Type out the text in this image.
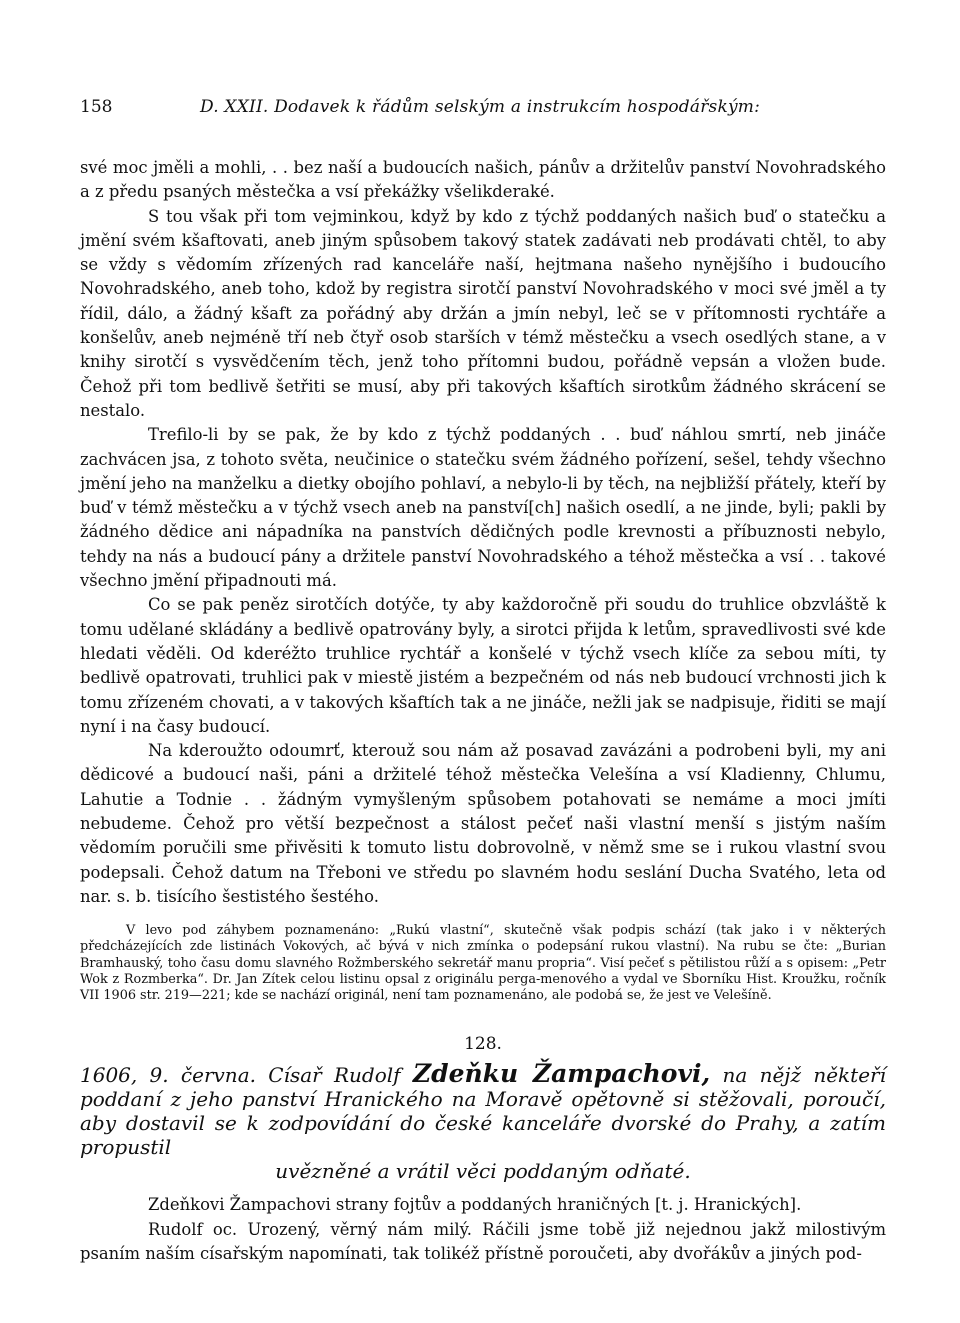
158	D. XXII. Dodavek k řádům selským a instrukcím hospodářským:

své moc jměli a mohli, . . bez naší a budoucích našich, pánův a držitelův panství Novohradského a z předu psaných městečka a vsí překážky všelikderaké.

S tou však při tom vejminkou, když by kdo z týchž poddaných našich buď o statečku a jmění svém kšaftovati, aneb jiným spůsobem takový statek zadávati neb prodávati chtěl, to aby se vždy s vědomím zřízených rad kanceláře naší, hejtmana našeho nynějšího i budoucího Novohradského, aneb toho, kdož by registra sirotčí panství Novohradského v moci své jměl a ty řídil, dálo, a žádný kšaft za pořádný aby držán a jmín nebyl, leč se v přítomnosti rychtáře a konšelův, aneb nejméně tří neb čtyř osob starších v témž městečku a vsech osedlých stane, a v knihy sirotčí s vysvědčením těch, jenž toho přítomni budou, pořádně vepsán a vložen bude. Čehož při tom bedlivě šetřiti se musí, aby při takových kšaftích sirotkům žádného skrácení se nestalo.

Trefilo-li by se pak, že by kdo z týchž poddaných . . buď náhlou smrtí, neb jináče zachvácen jsa, z tohoto světa, neučinice o statečku svém žádného pořízení, sešel, tehdy všechno jmění jeho na manželku a dietky obojího pohlaví, a nebylo-li by těch, na nejbližší přátely, kteří by buď v témž městečku a v týchž vsech aneb na panství[ch] našich osedlí, a ne jinde, byli; pakli by žádného dědice ani nápadníka na panstvích dědičných podle krevnosti a příbuznosti nebylo, tehdy na nás a budoucí pány a držitele panství Novohradského a téhož městečka a vsí . . takové všechno jmění připadnouti má.

Co se pak peněz sirotčích dotýče, ty aby každoročně při soudu do truhlice obzvláště k tomu udělané skládány a bedlivě opatrovány byly, a sirotci přijda k letům, spravedlivosti své kde hledati věděli. Od kderéžto truhlice rychtář a konšelé v týchž vsech klíče za sebou míti, ty bedlivě opatrovati, truhlici pak v miestě jistém a bezpečném od nás neb budoucí vrchnosti jich k tomu zřízeném chovati, a v takových kšaftích tak a ne jináče, nežli jak se nadpisuje, řiditi se mají nyní i na časy budoucí.

Na kderoužto odoumrť, kterouž sou nám až posavad zavázáni a podrobeni byli, my ani dědicové a budoucí naši, páni a držitelé téhož městečka Velešína a vsí Kladienny, Chlumu, Lahutie a Todnie . . žádným vymyšleným spůsobem potahovati se nemáme a moci jmíti nebudeme. Čehož pro větší bezpečnost a stálost pečeť naši vlastní menší s jistým naším vědomím poručili sme přivěsiti k tomuto listu dobrovolně, v němž sme se i rukou vlastní svou podepsali. Čehož datum na Třeboni ve středu po slavném hodu seslání Ducha Svatého, leta od nar. s. b. tisícího šestistého šestého.

V levo pod záhybem poznamenáno: „Rukú vlastní“, skutečně však podpis schází (tak jako i v některých předcházejících zde listinách Vokových, ač bývá v nich zmínka o podepsání rukou vlastní). Na rubu se čte: „Burian Bramhauský, toho času domu slavného Rožmberského sekretář manu propria“. Visí pečeť s pětilistou růží a s opisem: „Petr Wok z Rozmberka“. Dr. Jan Zítek celou listinu opsal z originálu perga-menového a vydal ve Sborníku Hist. Kroužku, ročník VII 1906 str. 219—221; kde se nachází originál, není tam poznamenáno, ale podobá se, že jest ve Velešíně.
128.
1606, 9. června. Císař Rudolf Zdeňku Žampachovi, na nějž někteří poddaní z jeho panství Hranického na Moravě opětovně si stěžovali, poroučí, aby dostavil se k zodpovídání do české kanceláře dvorské do Prahy, a zatím propustil
uvězněné a vrátil věci poddaným odňaté.

Zdeňkovi Žampachovi strany fojtův a poddaných hraničných [t. j. Hranických].

Rudolf oc. Urozený, věrný nám milý. Ráčili jsme tobě již nejednou jakž milostivým psaním naším císařským napomínati, tak tolikéž přístně poroučeti, aby dvořákův a jiných pod-
